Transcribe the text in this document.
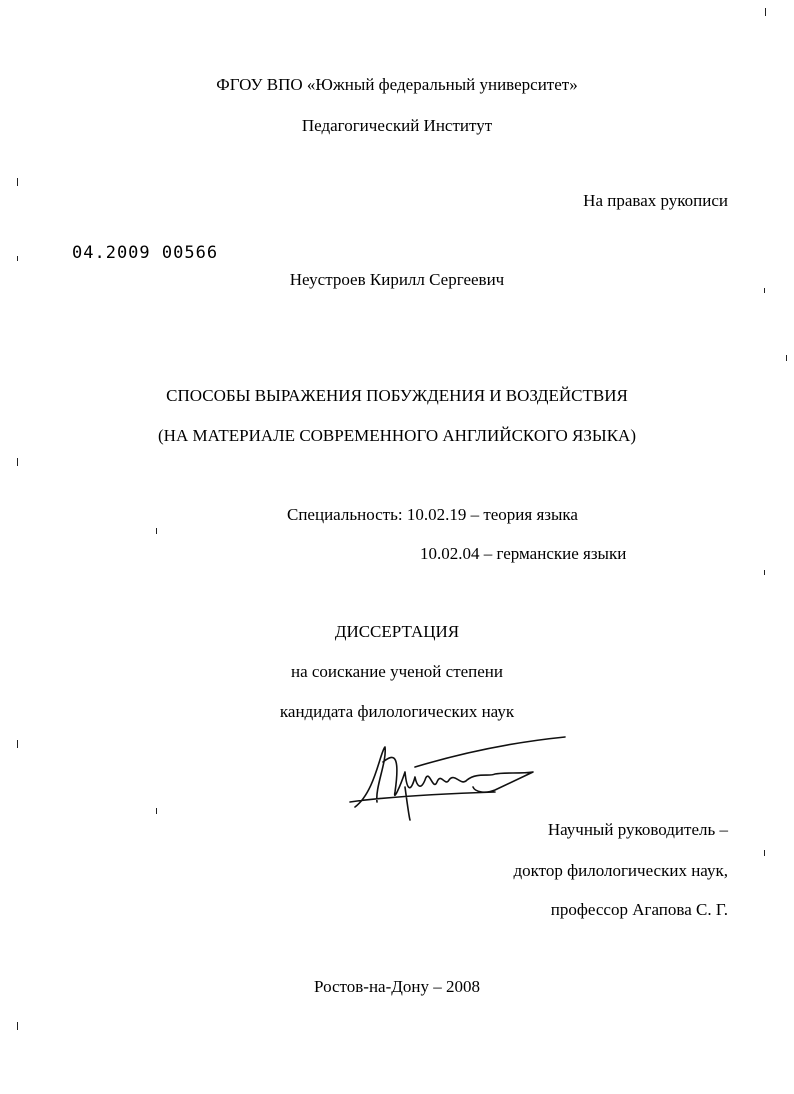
ФГОУ ВПО «Южный федеральный университет»
Педагогический Институт
На правах рукописи
04.2009 00566
Неустроев Кирилл Сергеевич
СПОСОБЫ ВЫРАЖЕНИЯ ПОБУЖДЕНИЯ И ВОЗДЕЙСТВИЯ
(НА МАТЕРИАЛЕ СОВРЕМЕННОГО АНГЛИЙСКОГО ЯЗЫКА)
Специальность: 10.02.19 – теория языка
10.02.04 – германские языки
ДИССЕРТАЦИЯ
на соискание ученой степени
кандидата филологических наук
Научный руководитель –
доктор филологических наук,
профессор Агапова С. Г.
Ростов-на-Дону – 2008
